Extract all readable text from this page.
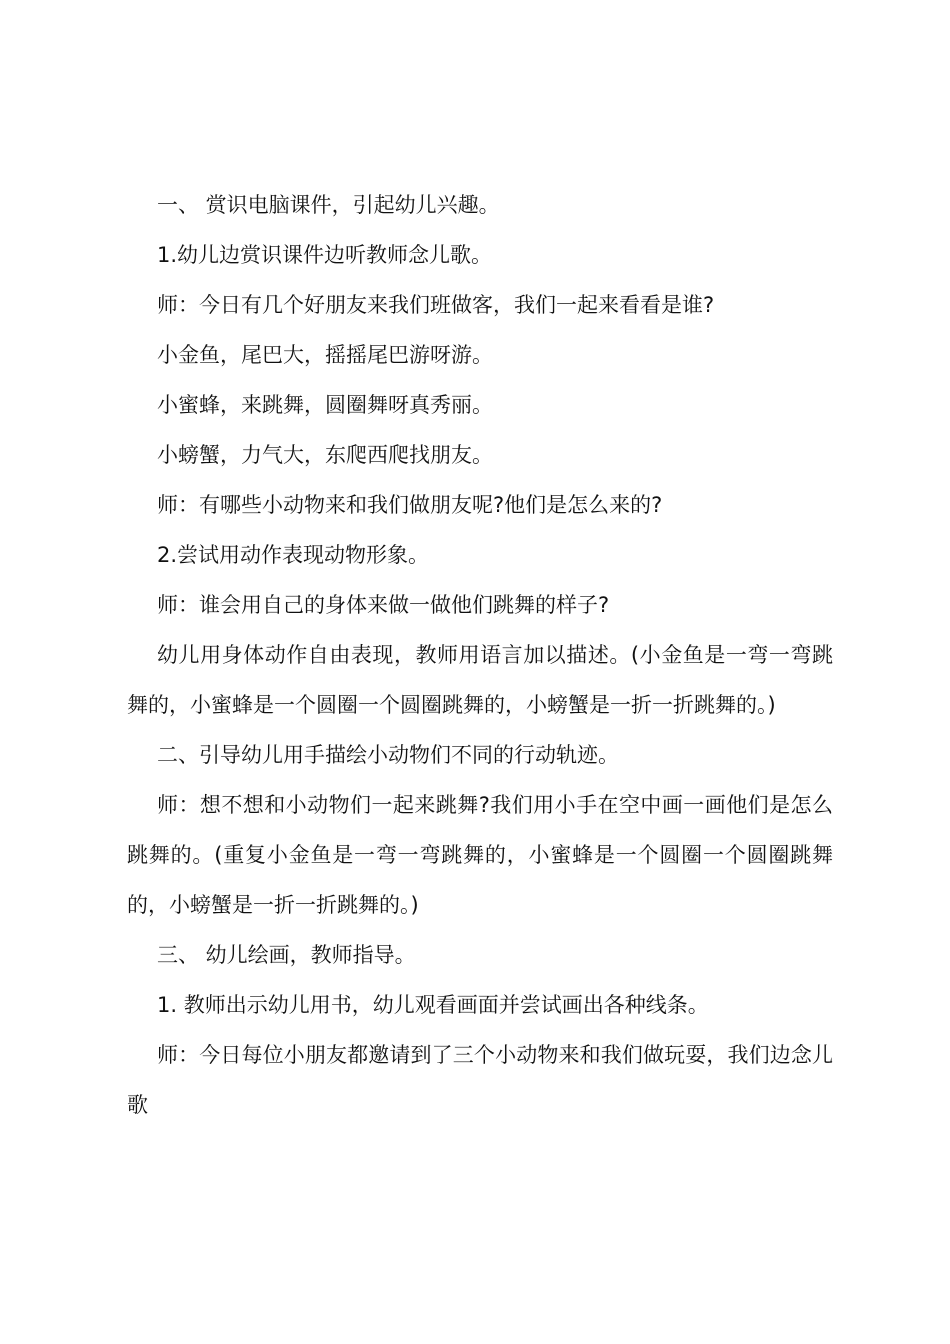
一、 赏识电脑课件，引起幼儿兴趣。

1.幼儿边赏识课件边听教师念儿歌。

师：今日有几个好朋友来我们班做客，我们一起来看看是谁?

小金鱼，尾巴大，摇摇尾巴游呀游。

小蜜蜂，来跳舞，圆圈舞呀真秀丽。

小螃蟹，力气大，东爬西爬找朋友。

师：有哪些小动物来和我们做朋友呢?他们是怎么来的?

2.尝试用动作表现动物形象。

师：谁会用自己的身体来做一做他们跳舞的样子?

幼儿用身体动作自由表现，教师用语言加以描述。(小金鱼是一弯一弯跳舞的，小蜜蜂是一个圆圈一个圆圈跳舞的，小螃蟹是一折一折跳舞的。)

二、引导幼儿用手描绘小动物们不同的行动轨迹。

师：想不想和小动物们一起来跳舞?我们用小手在空中画一画他们是怎么跳舞的。(重复小金鱼是一弯一弯跳舞的，小蜜蜂是一个圆圈一个圆圈跳舞的，小螃蟹是一折一折跳舞的。)

三、 幼儿绘画，教师指导。

1. 教师出示幼儿用书，幼儿观看画面并尝试画出各种线条。

师：今日每位小朋友都邀请到了三个小动物来和我们做玩耍，我们边念儿歌
